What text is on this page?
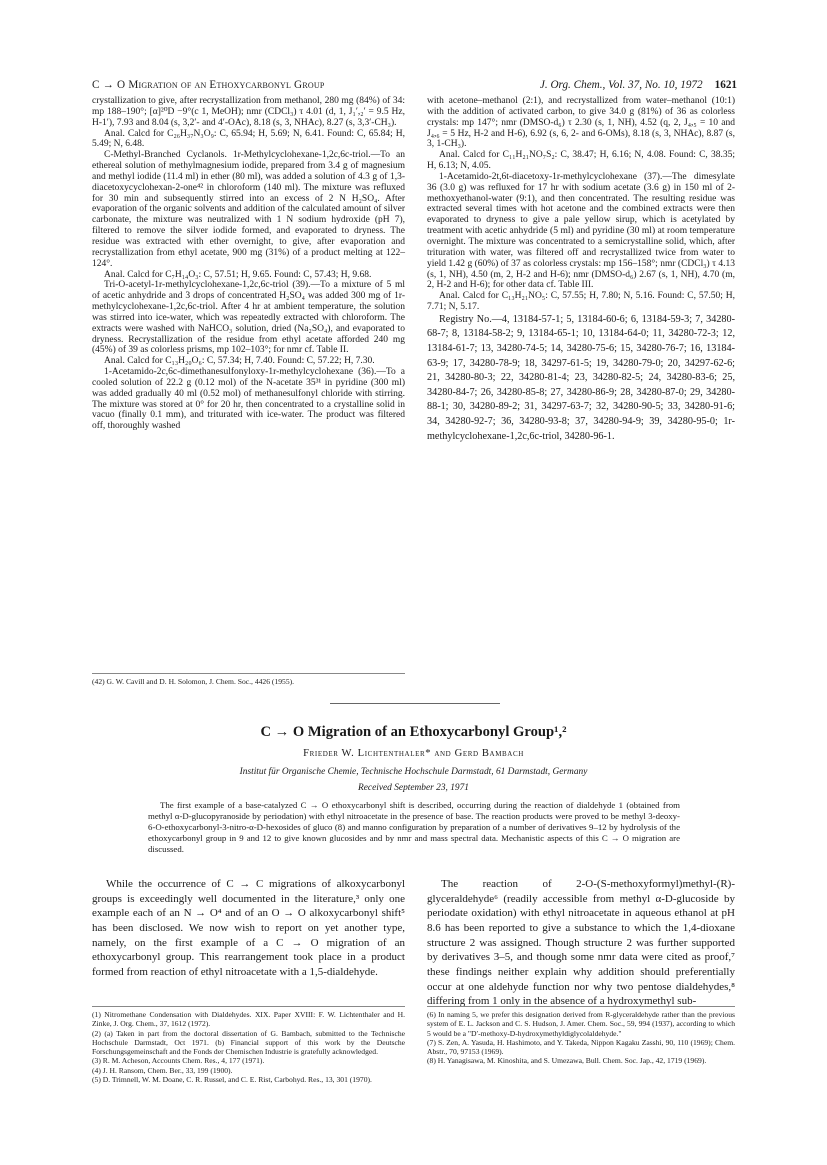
C → O Migration of an Ethoxycarbonyl Group	J. Org. Chem., Vol. 37, No. 10, 1972 1621

crystallization to give, after recrystallization from methanol, 280 mg (84%) of 34: mp 188–190°; [α]²⁰D −9°(c 1, MeOH); nmr (CDCl₃) τ 4.01 (d, 1, J₁′,₂′ = 9.5 Hz, H-1′), 7.93 and 8.04 (s, 3,2′- and 4′-OAc), 8.18 (s, 3, NHAc), 8.27 (s, 3,3′-CH₃).

Anal. Calcd for C₂₆H₃₇N₃O₉: C, 65.94; H, 5.69; N, 6.41. Found: C, 65.84; H, 5.49; N, 6.48.

C-Methyl-Branched Cyclanols. 1r-Methylcyclohexane-1,2c,6c-triol.—To an ethereal solution of methylmagnesium iodide, prepared from 3.4 g of magnesium and methyl iodide (11.4 ml) in ether (80 ml), was added a solution of 4.3 g of 1,3-diacetoxycyclohexan-2-one⁴² in chloroform (140 ml). The mixture was refluxed for 30 min and subsequently stirred into an excess of 2 N H₂SO₄. After evaporation of the organic solvents and addition of the calculated amount of silver carbonate, the mixture was neutralized with 1 N sodium hydroxide (pH 7), filtered to remove the silver iodide formed, and evaporated to dryness. The residue was extracted with ether overnight, to give, after evaporation and recrystallization from ethyl acetate, 900 mg (31%) of a product melting at 122–124°.

Anal. Calcd for C₇H₁₄O₃: C, 57.51; H, 9.65. Found: C, 57.43; H, 9.68.

Tri-O-acetyl-1r-methylcyclohexane-1,2c,6c-triol (39).—To a mixture of 5 ml of acetic anhydride and 3 drops of concentrated H₂SO₄ was added 300 mg of 1r-methylcyclohexane-1,2c,6c-triol. After 4 hr at ambient temperature, the solution was stirred into ice-water, which was repeatedly extracted with chloroform. The extracts were washed with NaHCO₃ solution, dried (Na₂SO₄), and evaporated to dryness. Recrystallization of the residue from ethyl acetate afforded 240 mg (45%) of 39 as colorless prisms, mp 102–103°; for nmr cf. Table II.

Anal. Calcd for C₁₃H₂₀O₆: C, 57.34; H, 7.40. Found: C, 57.22; H, 7.30.

1-Acetamido-2c,6c-dimethanesulfonyloxy-1r-methylcyclohexane (36).—To a cooled solution of 22.2 g (0.12 mol) of the N-acetate 35³¹ in pyridine (300 ml) was added gradually 40 ml (0.52 mol) of methanesulfonyl chloride with stirring. The mixture was stored at 0° for 20 hr, then concentrated to a crystalline solid in vacuo (finally 0.1 mm), and triturated with ice-water. The product was filtered off, thoroughly washed

(42) G. W. Cavill and D. H. Solomon, J. Chem. Soc., 4426 (1955).

with acetone–methanol (2:1), and recrystallized from water–methanol (10:1) with the addition of activated carbon, to give 34.0 g (81%) of 36 as colorless crystals: mp 147°; nmr (DMSO-d₆) τ 2.30 (s, 1, NH), 4.52 (q, 2, J₄,₅ = 10 and J₄,₆ = 5 Hz, H-2 and H-6), 6.92 (s, 6, 2- and 6-OMs), 8.18 (s, 3, NHAc), 8.87 (s, 3, 1-CH₃).

Anal. Calcd for C₁₁H₂₁NO₇S₂: C, 38.47; H, 6.16; N, 4.08. Found: C, 38.35; H, 6.13; N, 4.05.

1-Acetamido-2t,6t-diacetoxy-1r-methylcyclohexane (37).—The dimesylate 36 (3.0 g) was refluxed for 17 hr with sodium acetate (3.6 g) in 150 ml of 2-methoxyethanol-water (9:1), and then concentrated. The resulting residue was extracted several times with hot acetone and the combined extracts were then evaporated to dryness to give a pale yellow sirup, which is acetylated by treatment with acetic anhydride (5 ml) and pyridine (30 ml) at room temperature overnight. The mixture was concentrated to a semicrystalline solid, which, after trituration with water, was filtered off and recrystallized twice from water to yield 1.42 g (60%) of 37 as colorless crystals: mp 156–158°; nmr (CDCl₃) τ 4.13 (s, 1, NH), 4.50 (m, 2, H-2 and H-6); nmr (DMSO-d₆) 2.67 (s, 1, NH), 4.70 (m, 2, H-2 and H-6); for other data cf. Table III.

Anal. Calcd for C₁₃H₂₁NO₅: C, 57.55; H, 7.80; N, 5.16. Found: C, 57.50; H, 7.71; N, 5.17.

Registry No.—4, 13184-57-1; 5, 13184-60-6; 6, 13184-59-3; 7, 34280-68-7; 8, 13184-58-2; 9, 13184-65-1; 10, 13184-64-0; 11, 34280-72-3; 12, 13184-61-7; 13, 34280-74-5; 14, 34280-75-6; 15, 34280-76-7; 16, 13184-63-9; 17, 34280-78-9; 18, 34297-61-5; 19, 34280-79-0; 20, 34297-62-6; 21, 34280-80-3; 22, 34280-81-4; 23, 34280-82-5; 24, 34280-83-6; 25, 34280-84-7; 26, 34280-85-8; 27, 34280-86-9; 28, 34280-87-0; 29, 34280-88-1; 30, 34280-89-2; 31, 34297-63-7; 32, 34280-90-5; 33, 34280-91-6; 34, 34280-92-7; 36, 34280-93-8; 37, 34280-94-9; 39, 34280-95-0; 1r-methylcyclohexane-1,2c,6c-triol, 34280-96-1.

C → O Migration of an Ethoxycarbonyl Group¹,²
Frieder W. Lichtenthaler* and Gerd Bambach
Institut für Organische Chemie, Technische Hochschule Darmstadt, 61 Darmstadt, Germany
Received September 23, 1971
The first example of a base-catalyzed C → O ethoxycarbonyl shift is described, occurring during the reaction of dialdehyde 1 (obtained from methyl α-D-glucopyranoside by periodation) with ethyl nitroacetate in the presence of base. The reaction products were proved to be methyl 3-deoxy-6-O-ethoxycarbonyl-3-nitro-α-D-hexosides of gluco (8) and manno configuration by preparation of a number of derivatives 9–12 by hydrolysis of the ethoxycarbonyl group in 9 and 12 to give known glucosides and by nmr and mass spectral data. Mechanistic aspects of this C → O migration are discussed.

While the occurrence of C → C migrations of alkoxycarbonyl groups is exceedingly well documented in the literature,³ only one example each of an N → O⁴ and of an O → O alkoxycarbonyl shift⁵ has been disclosed. We now wish to report on yet another type, namely, on the first example of a C → O migration of an ethoxycarbonyl group. This rearrangement took place in a product formed from reaction of ethyl nitroacetate with a 1,5-dialdehyde.

The reaction of 2-O-(S-methoxyformyl)methyl-(R)-glyceraldehyde⁶ (readily accessible from methyl α-D-glucoside by periodate oxidation) with ethyl nitroacetate in aqueous ethanol at pH 8.6 has been reported to give a substance to which the 1,4-dioxane structure 2 was assigned. Though structure 2 was further supported by derivatives 3–5, and though some nmr data were cited as proof,⁷ these findings neither explain why addition should preferentially occur at one aldehyde function nor why two pentose dialdehydes,⁸ differing from 1 only in the absence of a hydroxymethyl sub-

(1) Nitromethane Condensation with Dialdehydes. XIX. Paper XVIII: F. W. Lichtenthaler and H. Zinke, J. Org. Chem., 37, 1612 (1972).
(2) (a) Taken in part from the doctoral dissertation of G. Bambach, submitted to the Technische Hochschule Darmstadt, Oct 1971. (b) Financial support of this work by the Deutsche Forschungsgemeinschaft and the Fonds der Chemischen Industrie is gratefully acknowledged.
(3) R. M. Acheson, Accounts Chem. Res., 4, 177 (1971).
(4) J. H. Ransom, Chem. Ber., 33, 199 (1900).
(5) D. Trimnell, W. M. Doane, C. R. Russel, and C. E. Rist, Carbohyd. Res., 13, 301 (1970).
(6) In naming 5, we prefer this designation derived from R-glyceraldehyde rather than the previous system of E. L. Jackson and C. S. Hudson, J. Amer. Chem. Soc., 59, 994 (1937), according to which 5 would be a "D′-methoxy-D-hydroxymethyldiglycolaldehyde."
(7) S. Zen, A. Yasuda, H. Hashimoto, and Y. Takeda, Nippon Kagaku Zasshi, 90, 110 (1969); Chem. Abstr., 70, 97153 (1969).
(8) H. Yanagisawa, M. Kinoshita, and S. Umezawa, Bull. Chem. Soc. Jap., 42, 1719 (1969).
